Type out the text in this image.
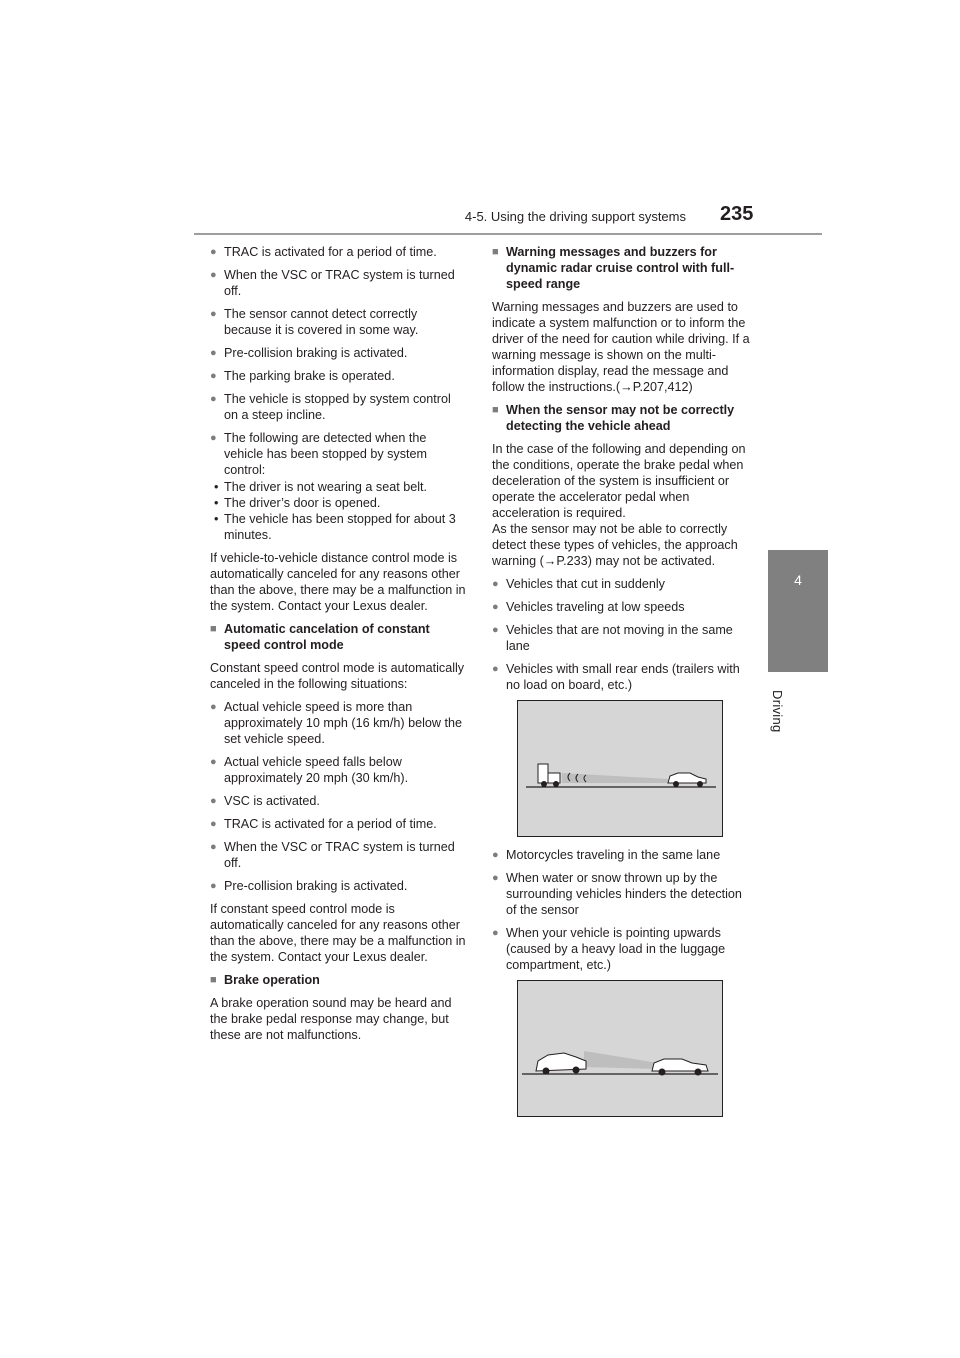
4-5. Using the driving support systems 235
4
Driving
● TRAC is activated for a period of time.
● When the VSC or TRAC system is turned off.
● The sensor cannot detect correctly because it is covered in some way.
● Pre-collision braking is activated.
● The parking brake is operated.
● The vehicle is stopped by system control on a steep incline.
● The following are detected when the vehicle has been stopped by system control:
• The driver is not wearing a seat belt.
• The driver’s door is opened.
• The vehicle has been stopped for about 3 minutes.
If vehicle-to-vehicle distance control mode is automatically canceled for any reasons other than the above, there may be a malfunction in the system. Contact your Lexus dealer.
■ Automatic cancelation of constant speed control mode
Constant speed control mode is automatically canceled in the following situations:
● Actual vehicle speed is more than approximately 10 mph (16 km/h) below the set vehicle speed.
● Actual vehicle speed falls below approximately 20 mph (30 km/h).
● VSC is activated.
● TRAC is activated for a period of time.
● When the VSC or TRAC system is turned off.
● Pre-collision braking is activated.
If constant speed control mode is automatically canceled for any reasons other than the above, there may be a malfunction in the system. Contact your Lexus dealer.
■ Brake operation
A brake operation sound may be heard and the brake pedal response may change, but these are not malfunctions.
■ Warning messages and buzzers for dynamic radar cruise control with full-speed range
Warning messages and buzzers are used to indicate a system malfunction or to inform the driver of the need for caution while driving. If a warning message is shown on the multi-information display, read the message and follow the instructions.(→P.207,412)
■ When the sensor may not be correctly detecting the vehicle ahead
In the case of the following and depending on the conditions, operate the brake pedal when deceleration of the system is insufficient or operate the accelerator pedal when acceleration is required.
As the sensor may not be able to correctly detect these types of vehicles, the approach warning (→P.233) may not be activated.
● Vehicles that cut in suddenly
● Vehicles traveling at low speeds
● Vehicles that are not moving in the same lane
● Vehicles with small rear ends (trailers with no load on board, etc.)
● Motorcycles traveling in the same lane
● When water or snow thrown up by the surrounding vehicles hinders the detection of the sensor
● When your vehicle is pointing upwards (caused by a heavy load in the luggage compartment, etc.)
